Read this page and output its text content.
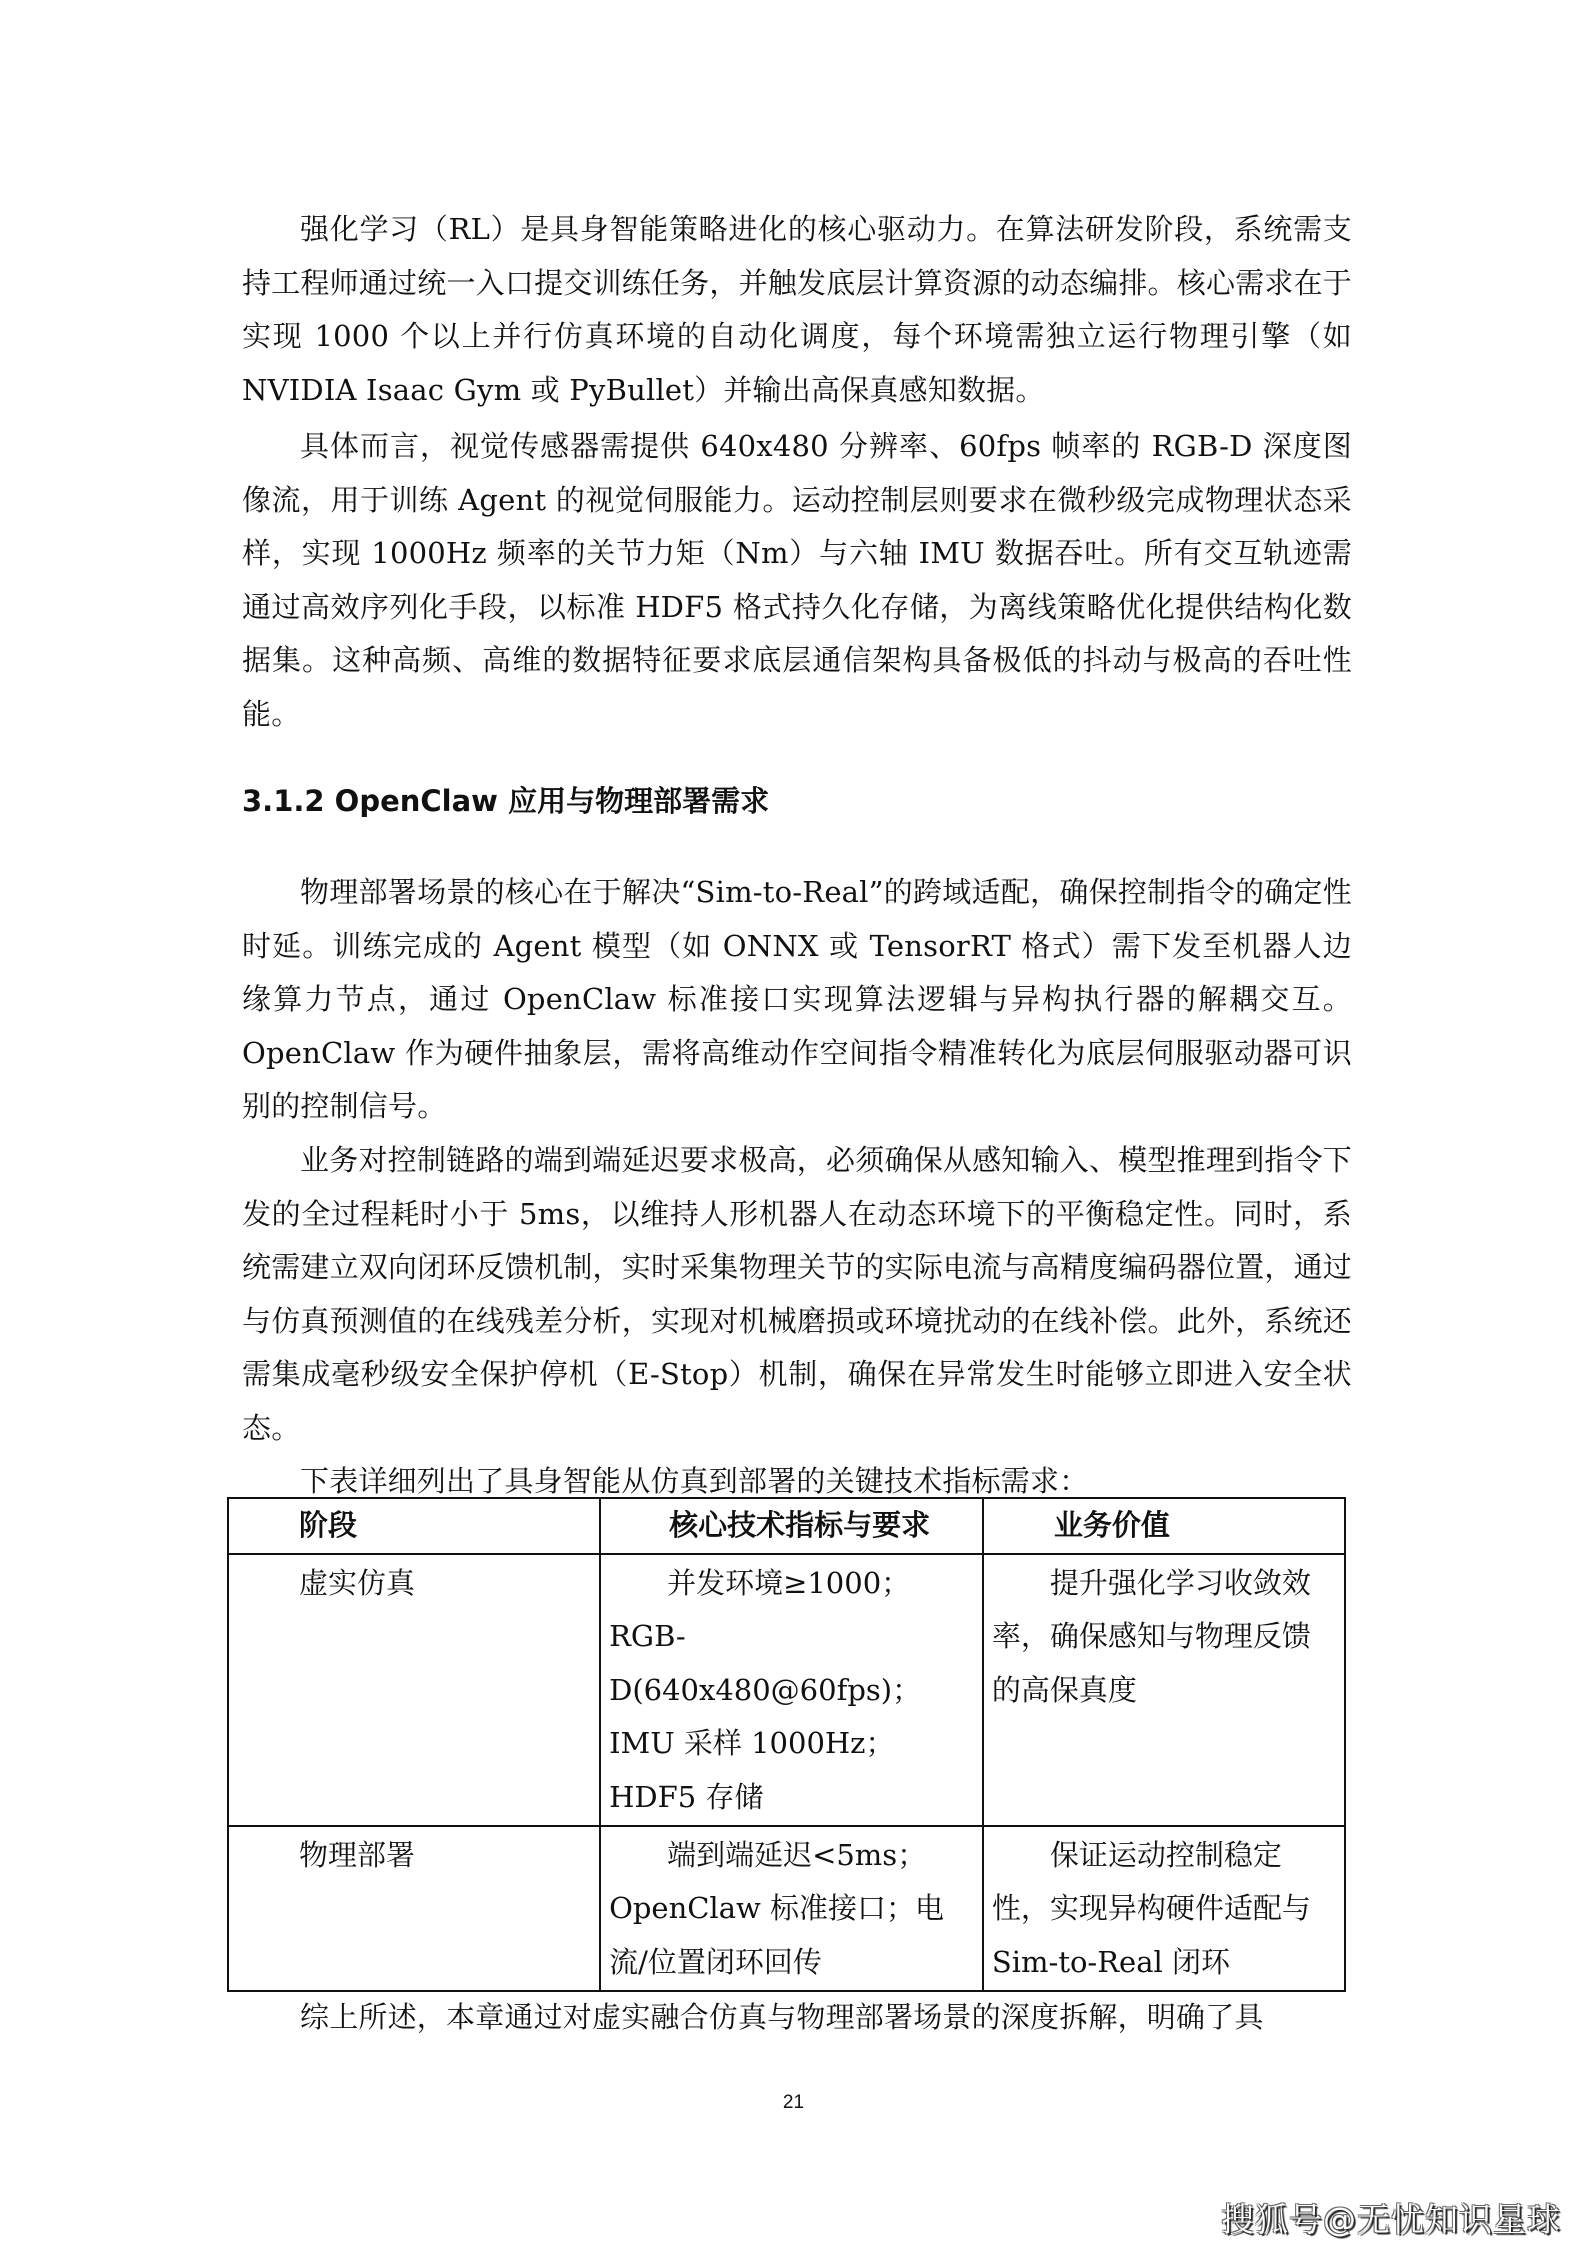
强化学习（RL）是具身智能策略进化的核心驱动力。在算法研发阶段，系统需支持工程师通过统一入口提交训练任务，并触发底层计算资源的动态编排。核心需求在于实现 1000 个以上并行仿真环境的自动化调度，每个环境需独立运行物理引擎（如 NVIDIA Isaac Gym 或 PyBullet）并输出高保真感知数据。

具体而言，视觉传感器需提供 640x480 分辨率、60fps 帧率的 RGB-D 深度图像流，用于训练 Agent 的视觉伺服能力。运动控制层则要求在微秒级完成物理状态采样，实现 1000Hz 频率的关节力矩（Nm）与六轴 IMU 数据吞吐。所有交互轨迹需通过高效序列化手段，以标准 HDF5 格式持久化存储，为离线策略优化提供结构化数据集。这种高频、高维的数据特征要求底层通信架构具备极低的抖动与极高的吞吐性能。

3.1.2 OpenClaw 应用与物理部署需求

物理部署场景的核心在于解决“Sim-to-Real”的跨域适配，确保控制指令的确定性时延。训练完成的 Agent 模型（如 ONNX 或 TensorRT 格式）需下发至机器人边缘算力节点，通过 OpenClaw 标准接口实现算法逻辑与异构执行器的解耦交互。OpenClaw 作为硬件抽象层，需将高维动作空间指令精准转化为底层伺服驱动器可识别的控制信号。

业务对控制链路的端到端延迟要求极高，必须确保从感知输入、模型推理到指令下发的全过程耗时小于 5ms，以维持人形机器人在动态环境下的平衡稳定性。同时，系统需建立双向闭环反馈机制，实时采集物理关节的实际电流与高精度编码器位置，通过与仿真预测值的在线残差分析，实现对机械磨损或环境扰动的在线补偿。此外，系统还需集成毫秒级安全保护停机（E-Stop）机制，确保在异常发生时能够立即进入安全状态。

下表详细列出了具身智能从仿真到部署的关键技术指标需求：

阶段	核心技术指标与要求	业务价值
虚实仿真	并发环境≥1000；RGB-D(640x480@60fps)；IMU 采样 1000Hz；HDF5 存储	提升强化学习收敛效率，确保感知与物理反馈的高保真度
物理部署	端到端延迟<5ms；OpenClaw 标准接口；电流/位置闭环回传	保证运动控制稳定性，实现异构硬件适配与 Sim-to-Real 闭环

综上所述，本章通过对虚实融合仿真与物理部署场景的深度拆解，明确了具

21
搜狐号@无忧知识星球
